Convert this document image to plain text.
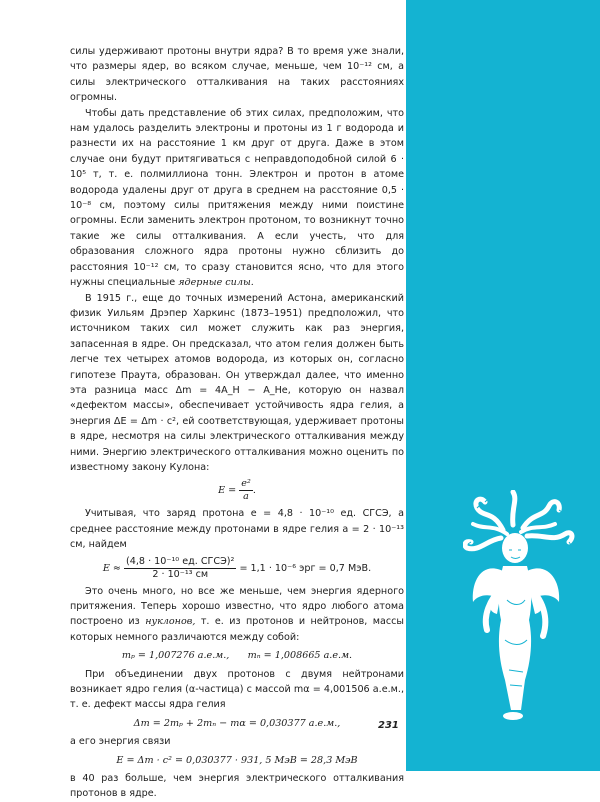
силы удерживают протоны внутри ядра? В то время уже знали, что размеры ядер, во всяком случае, меньше, чем 10⁻¹² см, а силы электрического отталкивания на таких расстояниях огромны.

Чтобы дать представление об этих силах, предположим, что нам удалось разделить электроны и протоны из 1 г водорода и разнести их на расстояние 1 км друг от друга. Даже в этом случае они будут притягиваться с неправдоподобной силой 6 · 10⁵ т, т. е. полмиллиона тонн. Электрон и протон в атоме водорода удалены друг от друга в среднем на расстояние 0,5 · 10⁻⁸ см, поэтому силы притяжения между ними поистине огромны. Если заменить электрон протоном, то возникнут точно такие же силы отталкивания. А если учесть, что для образования сложного ядра протоны нужно сблизить до расстояния 10⁻¹² см, то сразу становится ясно, что для этого нужны специальные ядерные силы.

В 1915 г., еще до точных измерений Астона, американский физик Уильям Дрэпер Харкинс (1873–1951) предположил, что источником таких сил может служить как раз энергия, запасенная в ядре. Он предсказал, что атом гелия должен быть легче тех четырех атомов водорода, из которых он, согласно гипотезе Праута, образован. Он утверждал далее, что именно эта разница масс Δm = 4A_H − A_He, которую он назвал «дефектом массы», обеспечивает устойчивость ядра гелия, а энергия ΔE = Δm · c², ей соответствующая, удерживает протоны в ядре, несмотря на силы электрического отталкивания между ними. Энергию электрического отталкивания можно оценить по известному закону Кулона:

$E = \frac{\text{e²}}{a}$ .

Учитывая, что заряд протона e = 4,8 · 10⁻¹⁰ ед. СГСЭ, а среднее расстояние между протонами в ядре гелия a = 2 · 10⁻¹³ см, найдем

$E \approx \frac{\text{(4,8 · 10⁻¹⁰ ед. СГСЭ)²}}{\text{2 · 10⁻¹³ см}} = 1,1 \cdot 10^{-6}$ эрг = 0,7 МэВ.

Это очень много, но все же меньше, чем энергия ядерного притяжения. Теперь хорошо известно, что ядро любого атома построено из нуклонов, т. е. из протонов и нейтронов, массы которых немного различаются между собой:

mₚ = 1,007276 а.е.м.,      mₙ = 1,008665 а.е.м.

При объединении двух протонов с двумя нейтронами возникает ядро гелия (α-частица) с массой mα = 4,001506 а.е.м., т. е. дефект массы ядра гелия

Δm = 2mₚ + 2mₙ − mα = 0,030377 а.е.м.,

а его энергия связи

E = Δm · c² = 0,030377 · 931, 5 МэВ = 28,3 МэВ

в 40 раз больше, чем энергия электрического отталкивания протонов в ядре.

231
